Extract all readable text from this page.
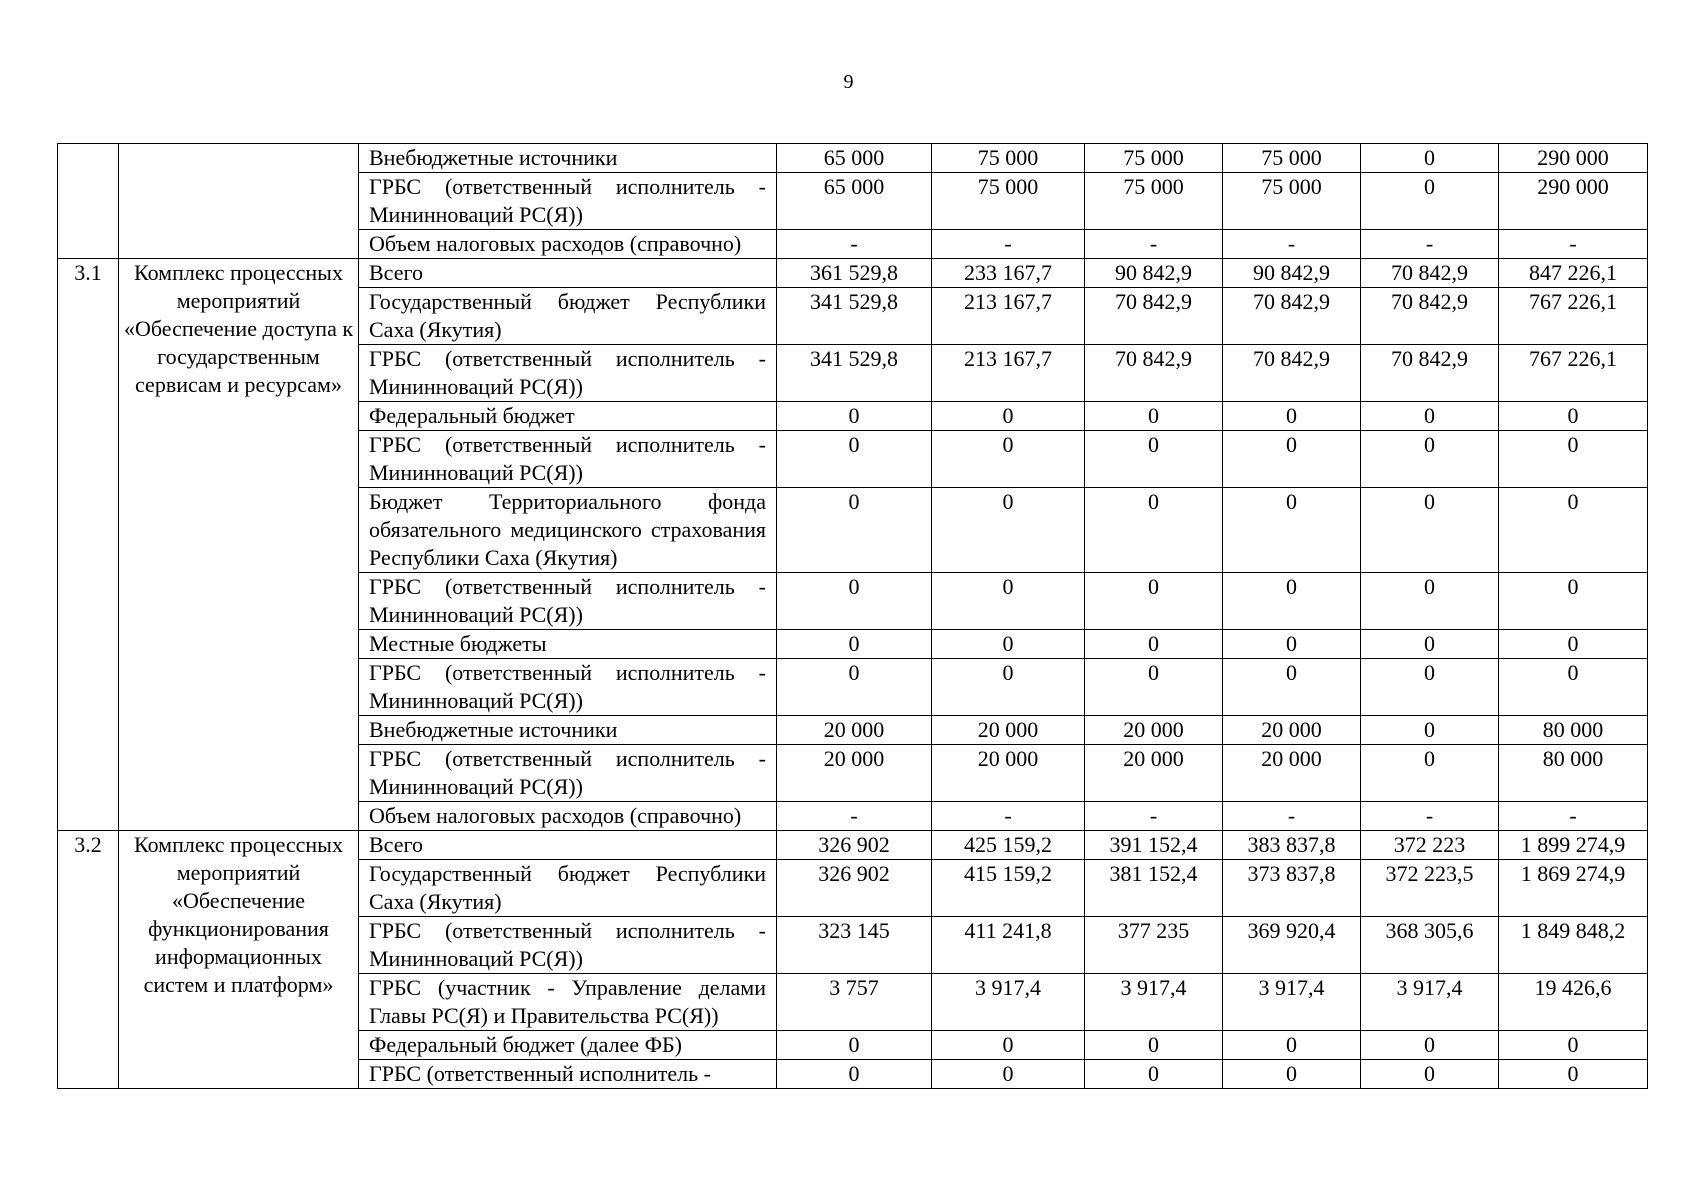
9
		Внебюджетные источники	65 000	75 000	75 000	75 000	0	290 000
		ГРБС (ответственный исполнитель - Мининноваций РС(Я))	65 000	75 000	75 000	75 000	0	290 000
		Объем налоговых расходов (справочно)	-	-	-	-	-	-
3.1	Комплекс процессных мероприятий «Обеспечение доступа к государственным сервисам и ресурсам»	Всего	361 529,8	233 167,7	90 842,9	90 842,9	70 842,9	847 226,1
		Государственный бюджет Республики Саха (Якутия)	341 529,8	213 167,7	70 842,9	70 842,9	70 842,9	767 226,1
		ГРБС (ответственный исполнитель - Мининноваций РС(Я))	341 529,8	213 167,7	70 842,9	70 842,9	70 842,9	767 226,1
		Федеральный бюджет	0	0	0	0	0	0
		ГРБС (ответственный исполнитель - Мининноваций РС(Я))	0	0	0	0	0	0
		Бюджет Территориального фонда обязательного медицинского страхования Республики Саха (Якутия)	0	0	0	0	0	0
		ГРБС (ответственный исполнитель - Мининноваций РС(Я))	0	0	0	0	0	0
		Местные бюджеты	0	0	0	0	0	0
		ГРБС (ответственный исполнитель - Мининноваций РС(Я))	0	0	0	0	0	0
		Внебюджетные источники	20 000	20 000	20 000	20 000	0	80 000
		ГРБС (ответственный исполнитель - Мининноваций РС(Я))	20 000	20 000	20 000	20 000	0	80 000
		Объем налоговых расходов (справочно)	-	-	-	-	-	-
3.2	Комплекс процессных мероприятий «Обеспечение функционирования информационных систем и платформ»	Всего	326 902	425 159,2	391 152,4	383 837,8	372 223	1 899 274,9
		Государственный бюджет Республики Саха (Якутия)	326 902	415 159,2	381 152,4	373 837,8	372 223,5	1 869 274,9
		ГРБС (ответственный исполнитель - Мининноваций РС(Я))	323 145	411 241,8	377 235	369 920,4	368 305,6	1 849 848,2
		ГРБС (участник - Управление делами Главы РС(Я) и Правительства РС(Я))	3 757	3 917,4	3 917,4	3 917,4	3 917,4	19 426,6
		Федеральный бюджет (далее ФБ)	0	0	0	0	0	0
		ГРБС (ответственный исполнитель -	0	0	0	0	0	0
